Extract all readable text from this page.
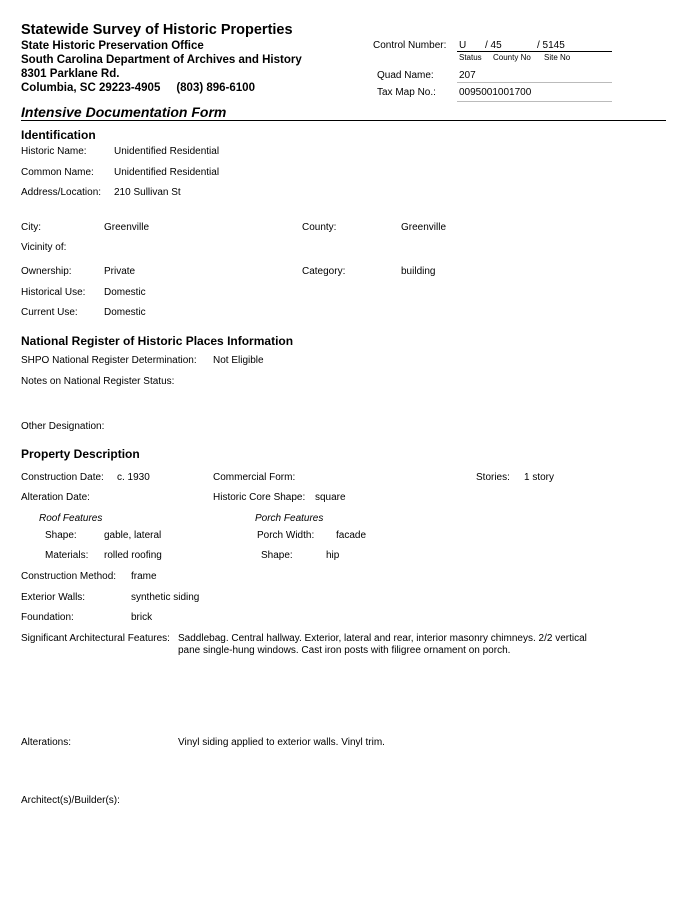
Statewide Survey of Historic Properties
State Historic Preservation Office
South Carolina Department of Archives and History
8301 Parklane Rd.
Columbia, SC 29223-4905     (803) 896-6100
Control Number: U / 45	/ 5145
Status County No Site No
Quad Name:	207
Tax Map No.: 0095001001700
Intensive Documentation Form
Identification
Historic Name:	Unidentified Residential
Common Name: Unidentified Residential
Address/Location: 210 Sullivan St
City:	Greenville	County:	Greenville
Vicinity of:
Ownership:	Private	Category:	building
Historical Use: Domestic
Current Use:	Domestic
National Register of Historic Places Information
SHPO National Register Determination: Not Eligible
Notes on National Register Status:
Other Designation:
Property Description
Construction Date: c. 1930	Commercial Form:	Stories: 1 story
Alteration Date:	Historic Core Shape: square
Roof Features	Porch Features
Shape:	gable, lateral	Porch Width: facade
Materials: rolled roofing	Shape:	hip
Construction Method: frame
Exterior Walls:	synthetic siding
Foundation:	brick
Significant Architectural Features: Saddlebag. Central hallway. Exterior, lateral and rear, interior masonry chimneys. 2/2 vertical
pane single-hung windows. Cast iron posts with filigree ornament on porch.
Alterations:	Vinyl siding applied to exterior walls. Vinyl trim.
Architect(s)/Builder(s):
